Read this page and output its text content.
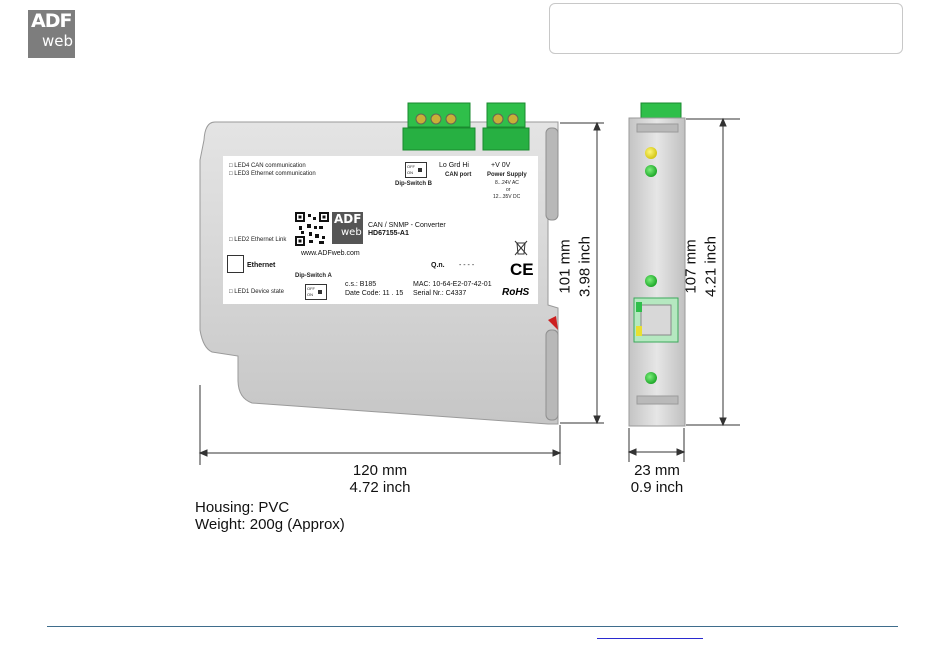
ADF
web
□ LED4 CAN communication
□ LED3 Ethernet communication
□ LED2 Ethernet Link
□ LED1 Device state
Ethernet
OFF
ON
Dip-Switch B
Lo Grd Hi
CAN port
+V 0V
Power Supply
8...24V AC
or
12...35V DC
ADF
web
www.ADFweb.com
CAN / SNMP - Converter
HD67155-A1
Q.n. - - - -
Dip-Switch A
OFF
ON
c.s.: B185
Date Code: 11 . 15
MAC: 10-64-E2-07-42-01
Serial Nr.: C4337
CE
RoHS 101 mm 3.98 inch	107 mm 4.21 inch
120 mm
4.72 inch
23 mm
0.9 inch
Housing: PVC
Weight: 200g (Approx)
